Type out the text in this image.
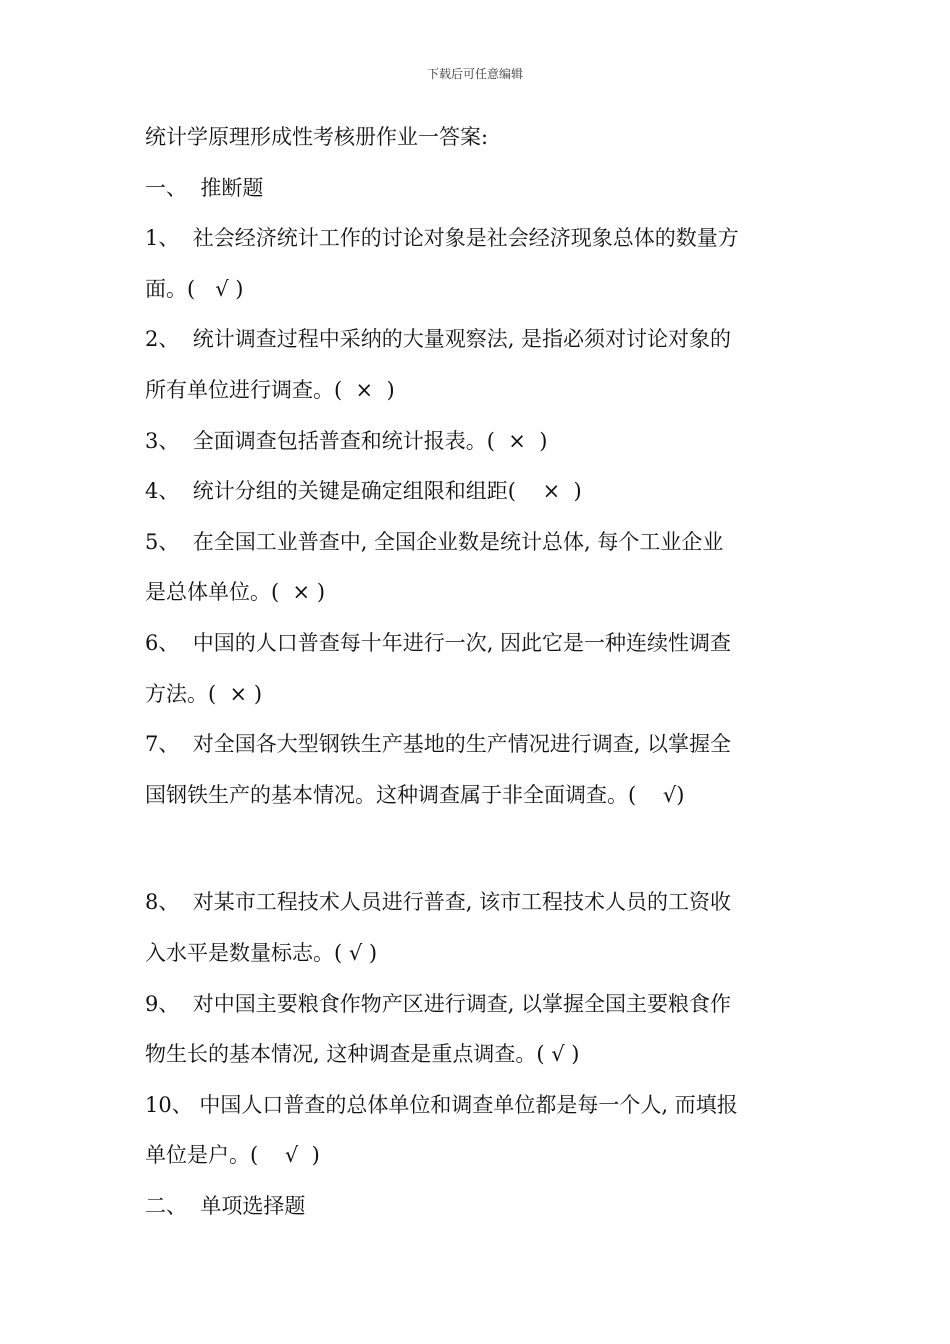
下载后可任意编辑
统计学原理形成性考核册作业一答案:
一、  推断题
1、  社会经济统计工作的讨论对象是社会经济现象总体的数量方
面。(   √ )
2、  统计调查过程中采纳的大量观察法, 是指必须对讨论对象的
所有单位进行调查。(  ×  )
3、  全面调查包括普查和统计报表。(  ×  )
4、  统计分组的关键是确定组限和组距(    ×  )
5、  在全国工业普查中, 全国企业数是统计总体, 每个工业企业
是总体单位。(  × )
6、  中国的人口普查每十年进行一次, 因此它是一种连续性调查
方法。(  × )
7、  对全国各大型钢铁生产基地的生产情况进行调查, 以掌握全
国钢铁生产的基本情况。这种调查属于非全面调查。(    √)
8、  对某市工程技术人员进行普查, 该市工程技术人员的工资收
入水平是数量标志。( √ )
9、  对中国主要粮食作物产区进行调查, 以掌握全国主要粮食作
物生长的基本情况, 这种调查是重点调查。( √ )
10、 中国人口普查的总体单位和调查单位都是每一个人, 而填报
单位是户。(    √  )
二、  单项选择题
